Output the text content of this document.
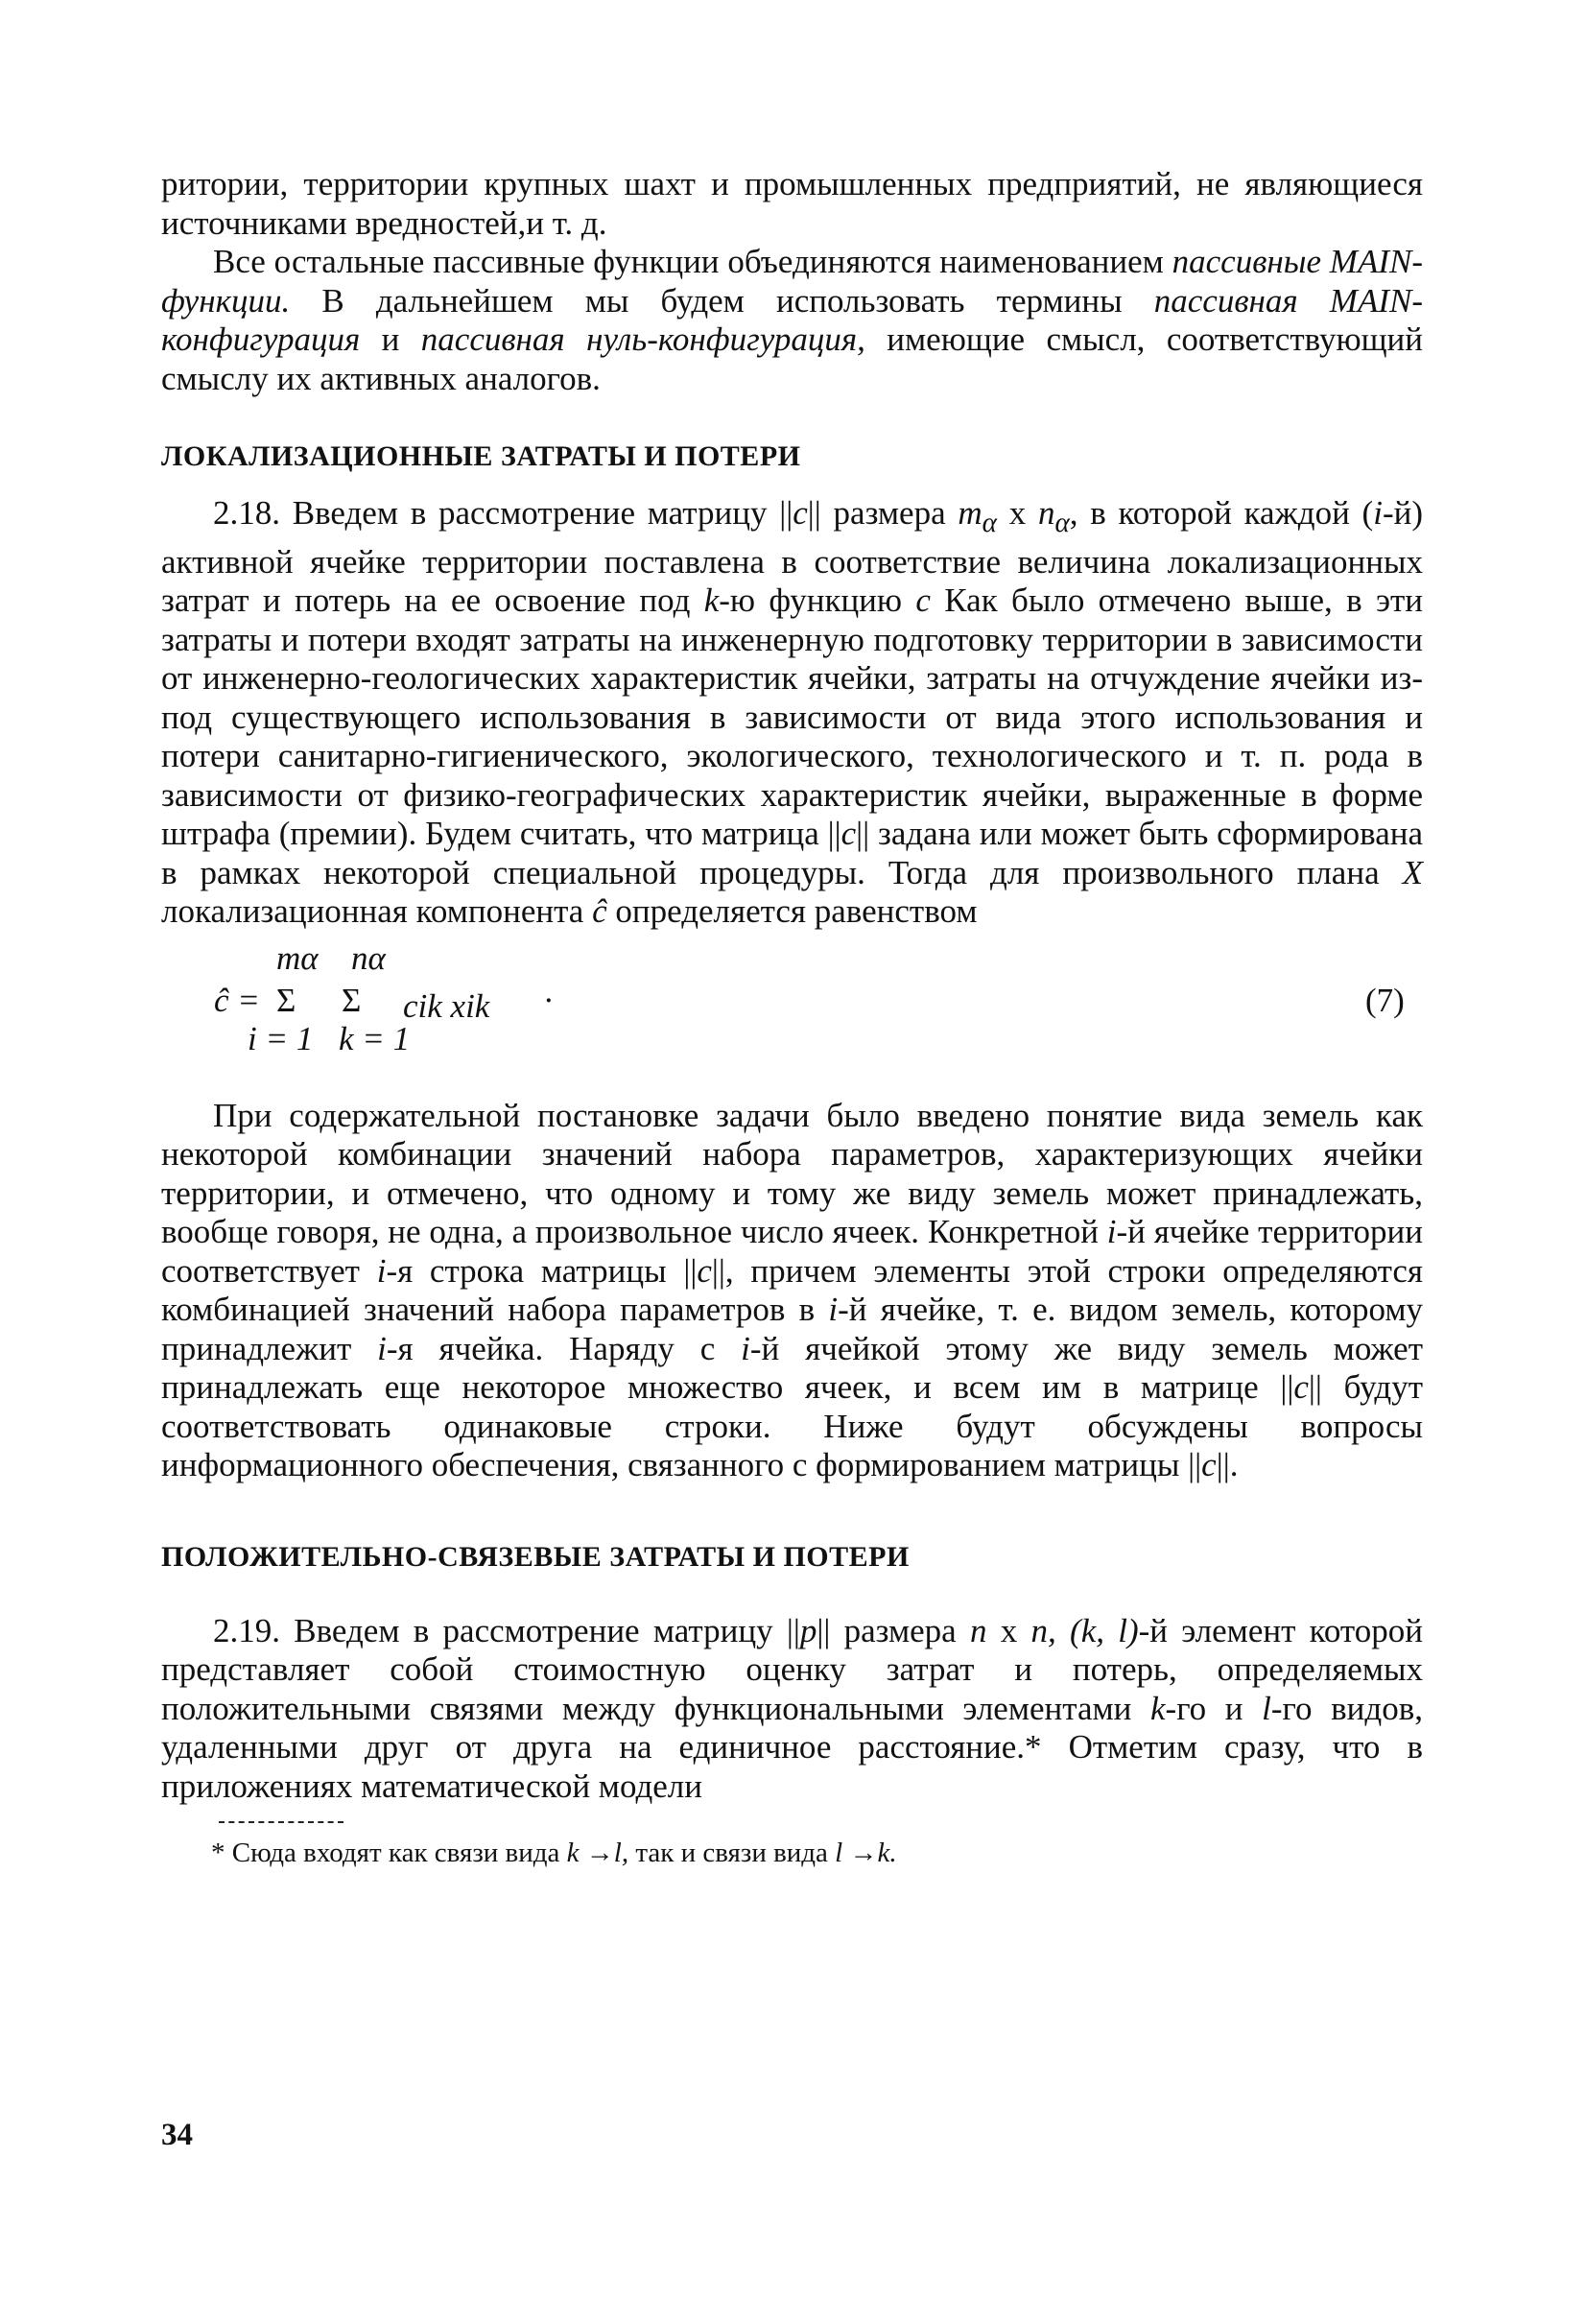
ритории, территории крупных шахт и промышленных предприятий, не являющиеся источниками вредностей,и т. д.

Все остальные пассивные функции объединяются наименованием пассивные MAIN-функции. В дальнейшем мы будем использовать термины пассивная MAIN-конфигурация и пассивная нуль-конфигурация, имеющие смысл, соответствующий смыслу их активных аналогов.

ЛОКАЛИЗАЦИОННЫЕ ЗАТРАТЫ И ПОТЕРИ

2.18. Введем в рассмотрение матрицу ||c|| размера $m_\alpha$ x $n_\alpha$, в которой каждой (i-й) активной ячейке территории поставлена в соответствие величина локализационных затрат и потерь на ее освоение под k-ю функцию c Как было отмечено выше, в эти затраты и потери входят затраты на инженерную подготовку территории в зависимости от инженерно-геологических характеристик ячейки, затраты на отчуждение ячейки из-под существующего использования в зависимости от вида этого использования и потери санитарно-гигиенического, экологического, технологического и т. п. рода в зависимости от физико-географических характеристик ячейки, выраженные в форме штрафа (премии). Будем считать, что матрица ||c|| задана или может быть сформирована в рамках некоторой специальной процедуры. Тогда для произвольного плана X локализационная компонента ĉ определяется равенством

mα nα
ĉ = Σ Σ cik xik ·
i = 1 k = 1
(7)

При содержательной постановке задачи было введено понятие вида земель как некоторой комбинации значений набора параметров, характеризующих ячейки территории, и отмечено, что одному и тому же виду земель может принадлежать, вообще говоря, не одна, а произвольное число ячеек. Конкретной i-й ячейке территории соответствует i-я строка матрицы ||c||, причем элементы этой строки определяются комбинацией значений набора параметров в i-й ячейке, т. е. видом земель, которому принадлежит i-я ячейка. Наряду с i-й ячейкой этому же виду земель может принадлежать еще некоторое множество ячеек, и всем им в матрице ||c|| будут соответствовать одинаковые строки. Ниже будут обсуждены вопросы информационного обеспечения, связанного с формированием матрицы ||c||.

ПОЛОЖИТЕЛЬНО-СВЯЗЕВЫЕ ЗАТРАТЫ И ПОТЕРИ

2.19. Введем в рассмотрение матрицу ||p|| размера n x n, (k, l)-й элемент которой представляет собой стоимостную оценку затрат и потерь, определяемых положительными связями между функциональными элементами k-го и l-го видов, удаленными друг от друга на единичное расстояние.* Отметим сразу, что в приложениях математической модели

* Сюда входят как связи вида k →l, так и связи вида l →k.

34
